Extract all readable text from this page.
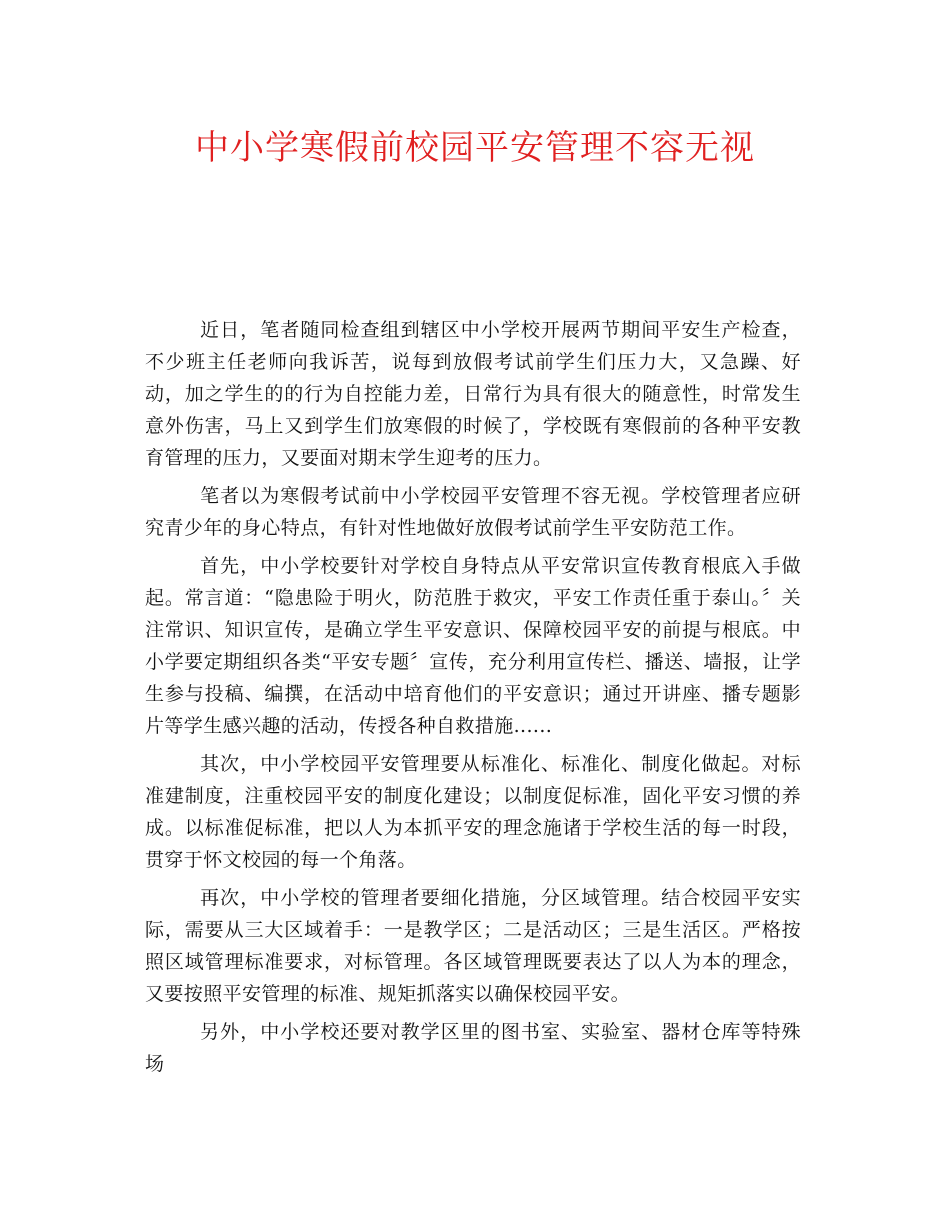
中小学寒假前校园平安管理不容无视

近日，笔者随同检查组到辖区中小学校开展两节期间平安生产检查，不少班主任老师向我诉苦，说每到放假考试前学生们压力大，又急躁、好动，加之学生的的行为自控能力差，日常行为具有很大的随意性，时常发生意外伤害，马上又到学生们放寒假的时候了，学校既有寒假前的各种平安教育管理的压力，又要面对期末学生迎考的压力。

笔者以为寒假考试前中小学校园平安管理不容无视。学校管理者应研究青少年的身心特点，有针对性地做好放假考试前学生平安防范工作。

首先，中小学校要针对学校自身特点从平安常识宣传教育根底入手做起。常言道：“隐患险于明火，防范胜于救灾，平安工作责任重于泰山。〞关注常识、知识宣传，是确立学生平安意识、保障校园平安的前提与根底。中小学要定期组织各类“平安专题〞宣传，充分利用宣传栏、播送、墙报，让学生参与投稿、编撰，在活动中培育他们的平安意识；通过开讲座、播专题影片等学生感兴趣的活动，传授各种自救措施......

其次，中小学校园平安管理要从标准化、标准化、制度化做起。对标准建制度，注重校园平安的制度化建设；以制度促标准，固化平安习惯的养成。以标准促标准，把以人为本抓平安的理念施诸于学校生活的每一时段，贯穿于怀文校园的每一个角落。

再次，中小学校的管理者要细化措施，分区域管理。结合校园平安实际，需要从三大区域着手：一是教学区；二是活动区；三是生活区。严格按照区域管理标准要求，对标管理。各区域管理既要表达了以人为本的理念，又要按照平安管理的标准、规矩抓落实以确保校园平安。

另外，中小学校还要对教学区里的图书室、实验室、器材仓库等特殊场
